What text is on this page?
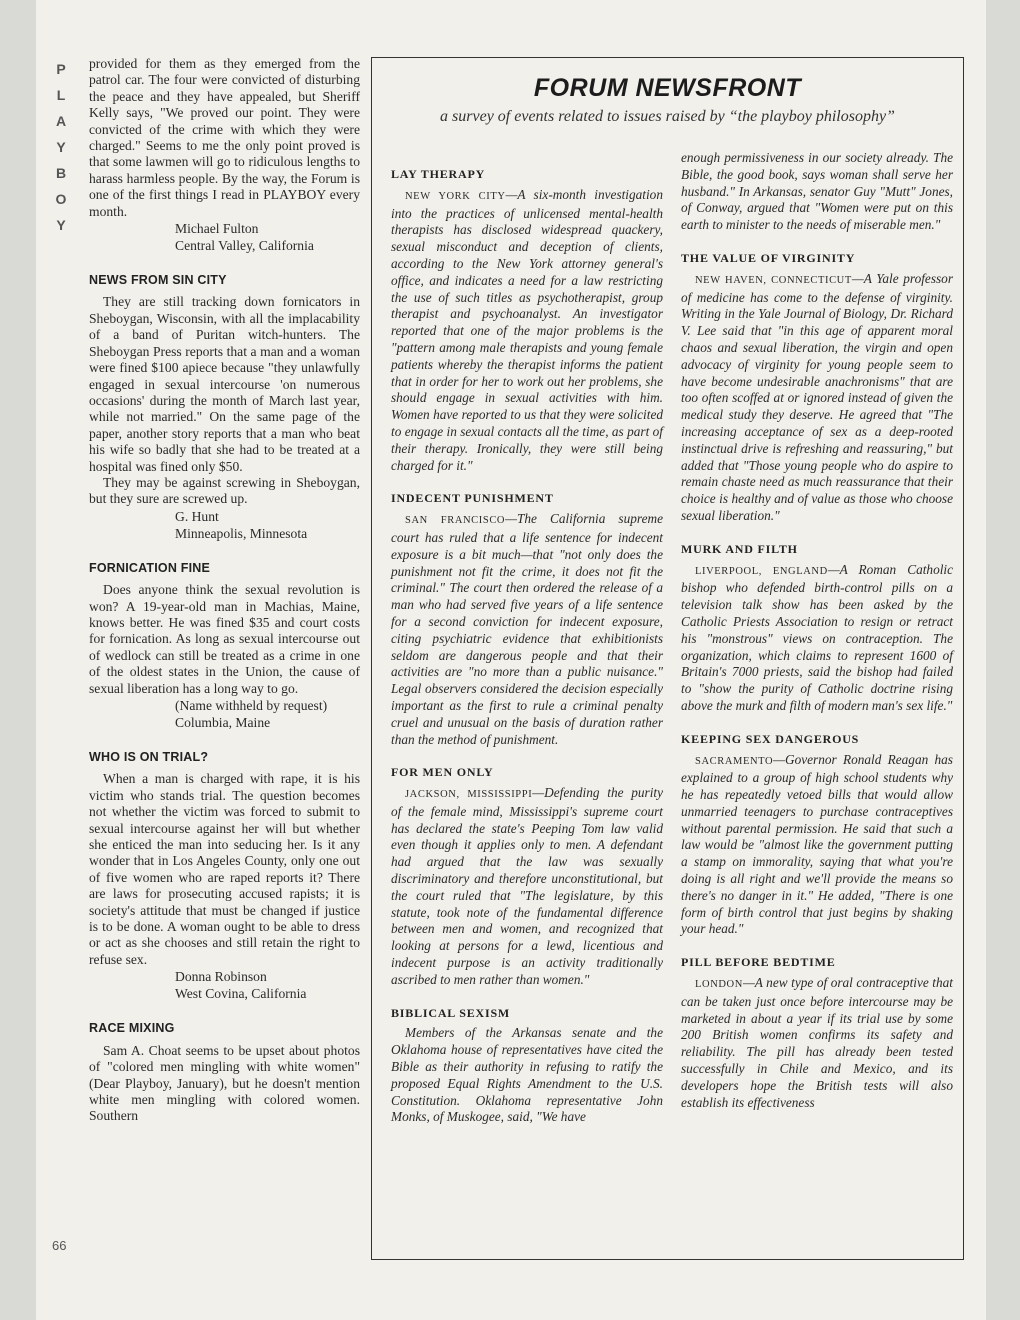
P
L
A
Y
B
O
Y
66

provided for them as they emerged from the patrol car. The four were convicted of disturbing the peace and they have appealed, but Sheriff Kelly says, "We proved our point. They were convicted of the crime with which they were charged." Seems to me the only point proved is that some lawmen will go to ridiculous lengths to harass harmless people. By the way, the Forum is one of the first things I read in PLAYBOY every month.

Michael Fulton
Central Valley, California
NEWS FROM SIN CITY

They are still tracking down fornicators in Sheboygan, Wisconsin, with all the implacability of a band of Puritan witch-hunters. The Sheboygan Press reports that a man and a woman were fined $100 apiece because "they unlawfully engaged in sexual intercourse 'on numerous occasions' during the month of March last year, while not married." On the same page of the paper, another story reports that a man who beat his wife so badly that she had to be treated at a hospital was fined only $50.

They may be against screwing in Sheboygan, but they sure are screwed up.

G. Hunt
Minneapolis, Minnesota
FORNICATION FINE

Does anyone think the sexual revolution is won? A 19-year-old man in Machias, Maine, knows better. He was fined $35 and court costs for fornication. As long as sexual intercourse out of wedlock can still be treated as a crime in one of the oldest states in the Union, the cause of sexual liberation has a long way to go.

(Name withheld by request)
Columbia, Maine
WHO IS ON TRIAL?

When a man is charged with rape, it is his victim who stands trial. The question becomes not whether the victim was forced to submit to sexual intercourse against her will but whether she enticed the man into seducing her. Is it any wonder that in Los Angeles County, only one out of five women who are raped reports it? There are laws for prosecuting accused rapists; it is society's attitude that must be changed if justice is to be done. A woman ought to be able to dress or act as she chooses and still retain the right to refuse sex.

Donna Robinson
West Covina, California
RACE MIXING

Sam A. Choat seems to be upset about photos of "colored men mingling with white women" (Dear Playboy, January), but he doesn't mention white men mingling with colored women. Southern

FORUM NEWSFRONT
a survey of events related to issues raised by “the playboy philosophy”
LAY THERAPY

NEW YORK CITY—A six-month investigation into the practices of unlicensed mental-health therapists has disclosed widespread quackery, sexual misconduct and deception of clients, according to the New York attorney general's office, and indicates a need for a law restricting the use of such titles as psychotherapist, group therapist and psychoanalyst. An investigator reported that one of the major problems is the "pattern among male therapists and young female patients whereby the therapist informs the patient that in order for her to work out her problems, she should engage in sexual activities with him. Women have reported to us that they were solicited to engage in sexual contacts all the time, as part of their therapy. Ironically, they were still being charged for it."

INDECENT PUNISHMENT

SAN FRANCISCO—The California supreme court has ruled that a life sentence for indecent exposure is a bit much—that "not only does the punishment not fit the crime, it does not fit the criminal." The court then ordered the release of a man who had served five years of a life sentence for a second conviction for indecent exposure, citing psychiatric evidence that exhibitionists seldom are dangerous people and that their activities are "no more than a public nuisance." Legal observers considered the decision especially important as the first to rule a criminal penalty cruel and unusual on the basis of duration rather than the method of punishment.

FOR MEN ONLY

JACKSON, MISSISSIPPI—Defending the purity of the female mind, Mississippi's supreme court has declared the state's Peeping Tom law valid even though it applies only to men. A defendant had argued that the law was sexually discriminatory and therefore unconstitutional, but the court ruled that "The legislature, by this statute, took note of the fundamental difference between men and women, and recognized that looking at persons for a lewd, licentious and indecent purpose is an activity traditionally ascribed to men rather than women."

BIBLICAL SEXISM

Members of the Arkansas senate and the Oklahoma house of representatives have cited the Bible as their authority in refusing to ratify the proposed Equal Rights Amendment to the U.S. Constitution. Oklahoma representative John Monks, of Muskogee, said, "We have

enough permissiveness in our society already. The Bible, the good book, says woman shall serve her husband." In Arkansas, senator Guy "Mutt" Jones, of Conway, argued that "Women were put on this earth to minister to the needs of miserable men."

THE VALUE OF VIRGINITY

NEW HAVEN, CONNECTICUT—A Yale professor of medicine has come to the defense of virginity. Writing in the Yale Journal of Biology, Dr. Richard V. Lee said that "in this age of apparent moral chaos and sexual liberation, the virgin and open advocacy of virginity for young people seem to have become undesirable anachronisms" that are too often scoffed at or ignored instead of given the medical study they deserve. He agreed that "The increasing acceptance of sex as a deep-rooted instinctual drive is refreshing and reassuring," but added that "Those young people who do aspire to remain chaste need as much reassurance that their choice is healthy and of value as those who choose sexual liberation."

MURK AND FILTH

LIVERPOOL, ENGLAND—A Roman Catholic bishop who defended birth-control pills on a television talk show has been asked by the Catholic Priests Association to resign or retract his "monstrous" views on contraception. The organization, which claims to represent 1600 of Britain's 7000 priests, said the bishop had failed to "show the purity of Catholic doctrine rising above the murk and filth of modern man's sex life."

KEEPING SEX DANGEROUS

SACRAMENTO—Governor Ronald Reagan has explained to a group of high school students why he has repeatedly vetoed bills that would allow unmarried teenagers to purchase contraceptives without parental permission. He said that such a law would be "almost like the government putting a stamp on immorality, saying that what you're doing is all right and we'll provide the means so there's no danger in it." He added, "There is one form of birth control that just begins by shaking your head."

PILL BEFORE BEDTIME

LONDON—A new type of oral contraceptive that can be taken just once before intercourse may be marketed in about a year if its trial use by some 200 British women confirms its safety and reliability. The pill has already been tested successfully in Chile and Mexico, and its developers hope the British tests will also establish its effectiveness
